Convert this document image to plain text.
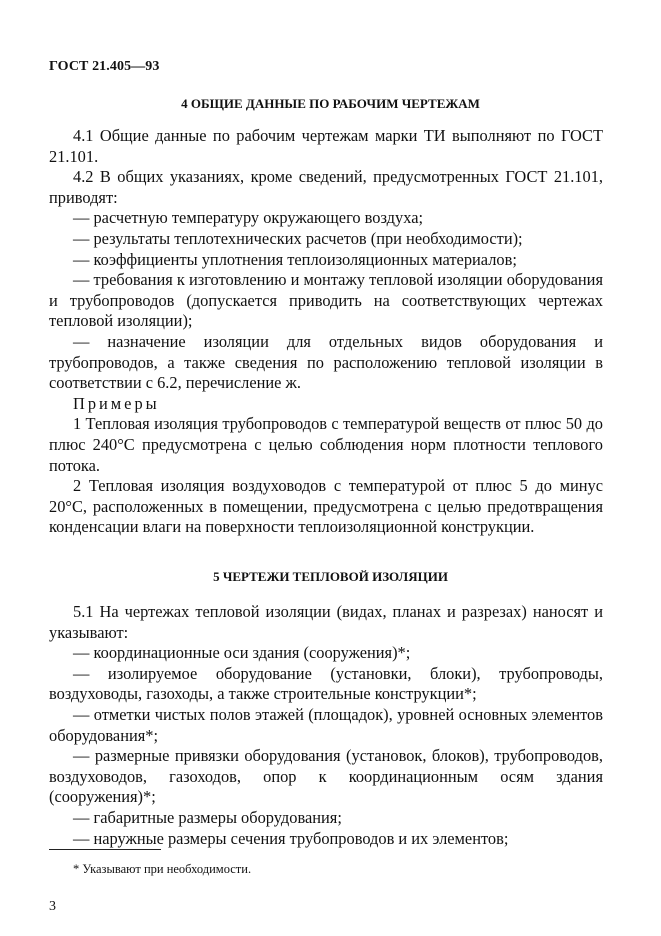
ГОСТ 21.405—93
4 ОБЩИЕ ДАННЫЕ ПО РАБОЧИМ ЧЕРТЕЖАМ

4.1 Общие данные по рабочим чертежам марки ТИ выполняют по ГОСТ 21.101.

4.2 В общих указаниях, кроме сведений, предусмотренных ГОСТ 21.101, приводят:

— расчетную температуру окружающего воздуха;

— результаты теплотехнических расчетов (при необходимости);

— коэффициенты уплотнения теплоизоляционных материалов;

— требования к изготовлению и монтажу тепловой изоляции оборудования и трубопроводов (допускается приводить на соответствующих чертежах тепловой изоляции);

— назначение изоляции для отдельных видов оборудования и трубопроводов, а также сведения по расположению тепловой изоляции в соответствии с 6.2, перечисление ж.

Примеры

1 Тепловая изоляция трубопроводов с температурой веществ от плюс 50 до плюс 240°С предусмотрена с целью соблюдения норм плотности теплового потока.

2 Тепловая изоляция воздуховодов с температурой от плюс 5 до минус 20°С, расположенных в помещении, предусмотрена с целью предотвращения конденсации влаги на поверхности теплоизоляционной конструкции.

5 ЧЕРТЕЖИ ТЕПЛОВОЙ ИЗОЛЯЦИИ

5.1 На чертежах тепловой изоляции (видах, планах и разрезах) наносят и указывают:

— координационные оси здания (сооружения)*;

— изолируемое оборудование (установки, блоки), трубопроводы, воздуховоды, газоходы, а также строительные конструкции*;

— отметки чистых полов этажей (площадок), уровней основных элементов оборудования*;

— размерные привязки оборудования (установок, блоков), трубопроводов, воздуховодов, газоходов, опор к координационным осям здания (сооружения)*;

— габаритные размеры оборудования;

— наружные размеры сечения трубопроводов и их элементов;

* Указывают при необходимости.
3
